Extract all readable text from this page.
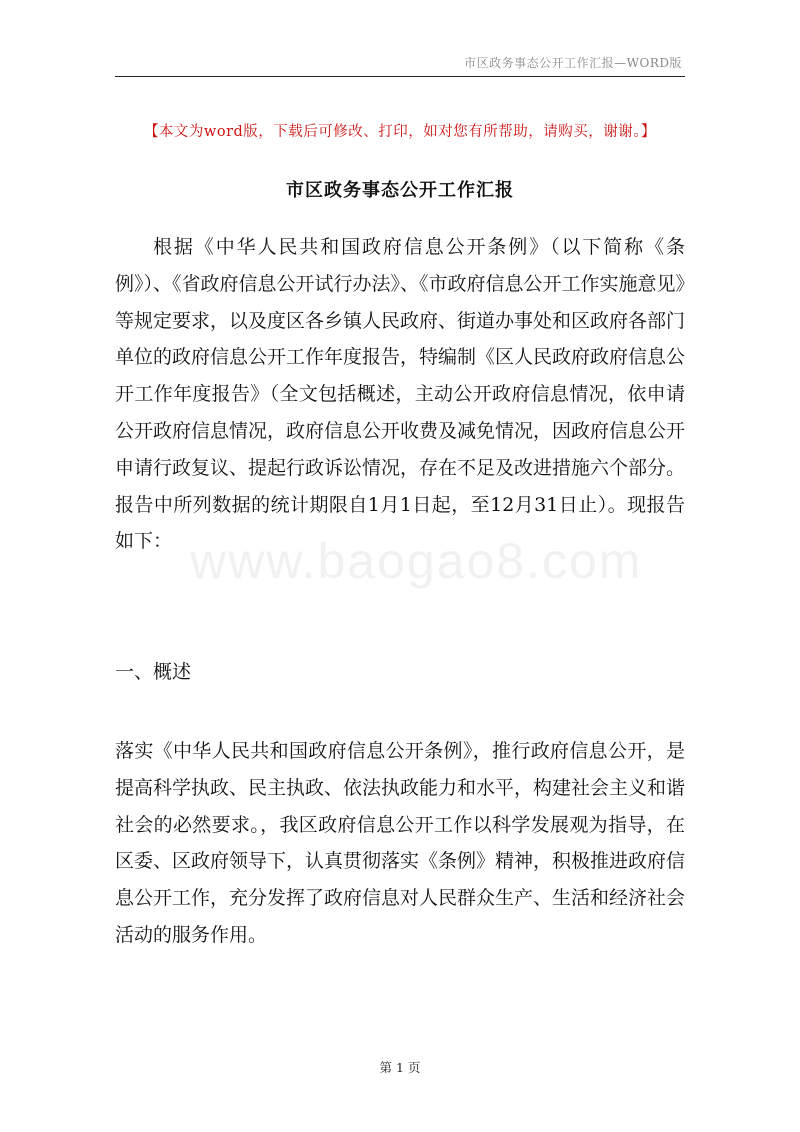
市区政务事态公开工作汇报—WORD版
【本文为word版，下载后可修改、打印，如对您有所帮助，请购买，谢谢。】
市区政务事态公开工作汇报

根据《中华人民共和国政府信息公开条例》（以下简称《条例》）、《省政府信息公开试行办法》、《市政府信息公开工作实施意见》等规定要求，以及度区各乡镇人民政府、街道办事处和区政府各部门单位的政府信息公开工作年度报告，特编制《区人民政府政府信息公开工作年度报告》（全文包括概述，主动公开政府信息情况，依申请公开政府信息情况，政府信息公开收费及减免情况，因政府信息公开申请行政复议、提起行政诉讼情况，存在不足及改进措施六个部分。报告中所列数据的统计期限自1月1日起，至12月31日止）。现报告如下： www.baogao8.com

一、概述

落实《中华人民共和国政府信息公开条例》，推行政府信息公开，是提高科学执政、民主执政、依法执政能力和水平，构建社会主义和谐社会的必然要求。，我区政府信息公开工作以科学发展观为指导，在区委、区政府领导下，认真贯彻落实《条例》精神，积极推进政府信息公开工作，充分发挥了政府信息对人民群众生产、生活和经济社会活动的服务作用。

第 1 页
